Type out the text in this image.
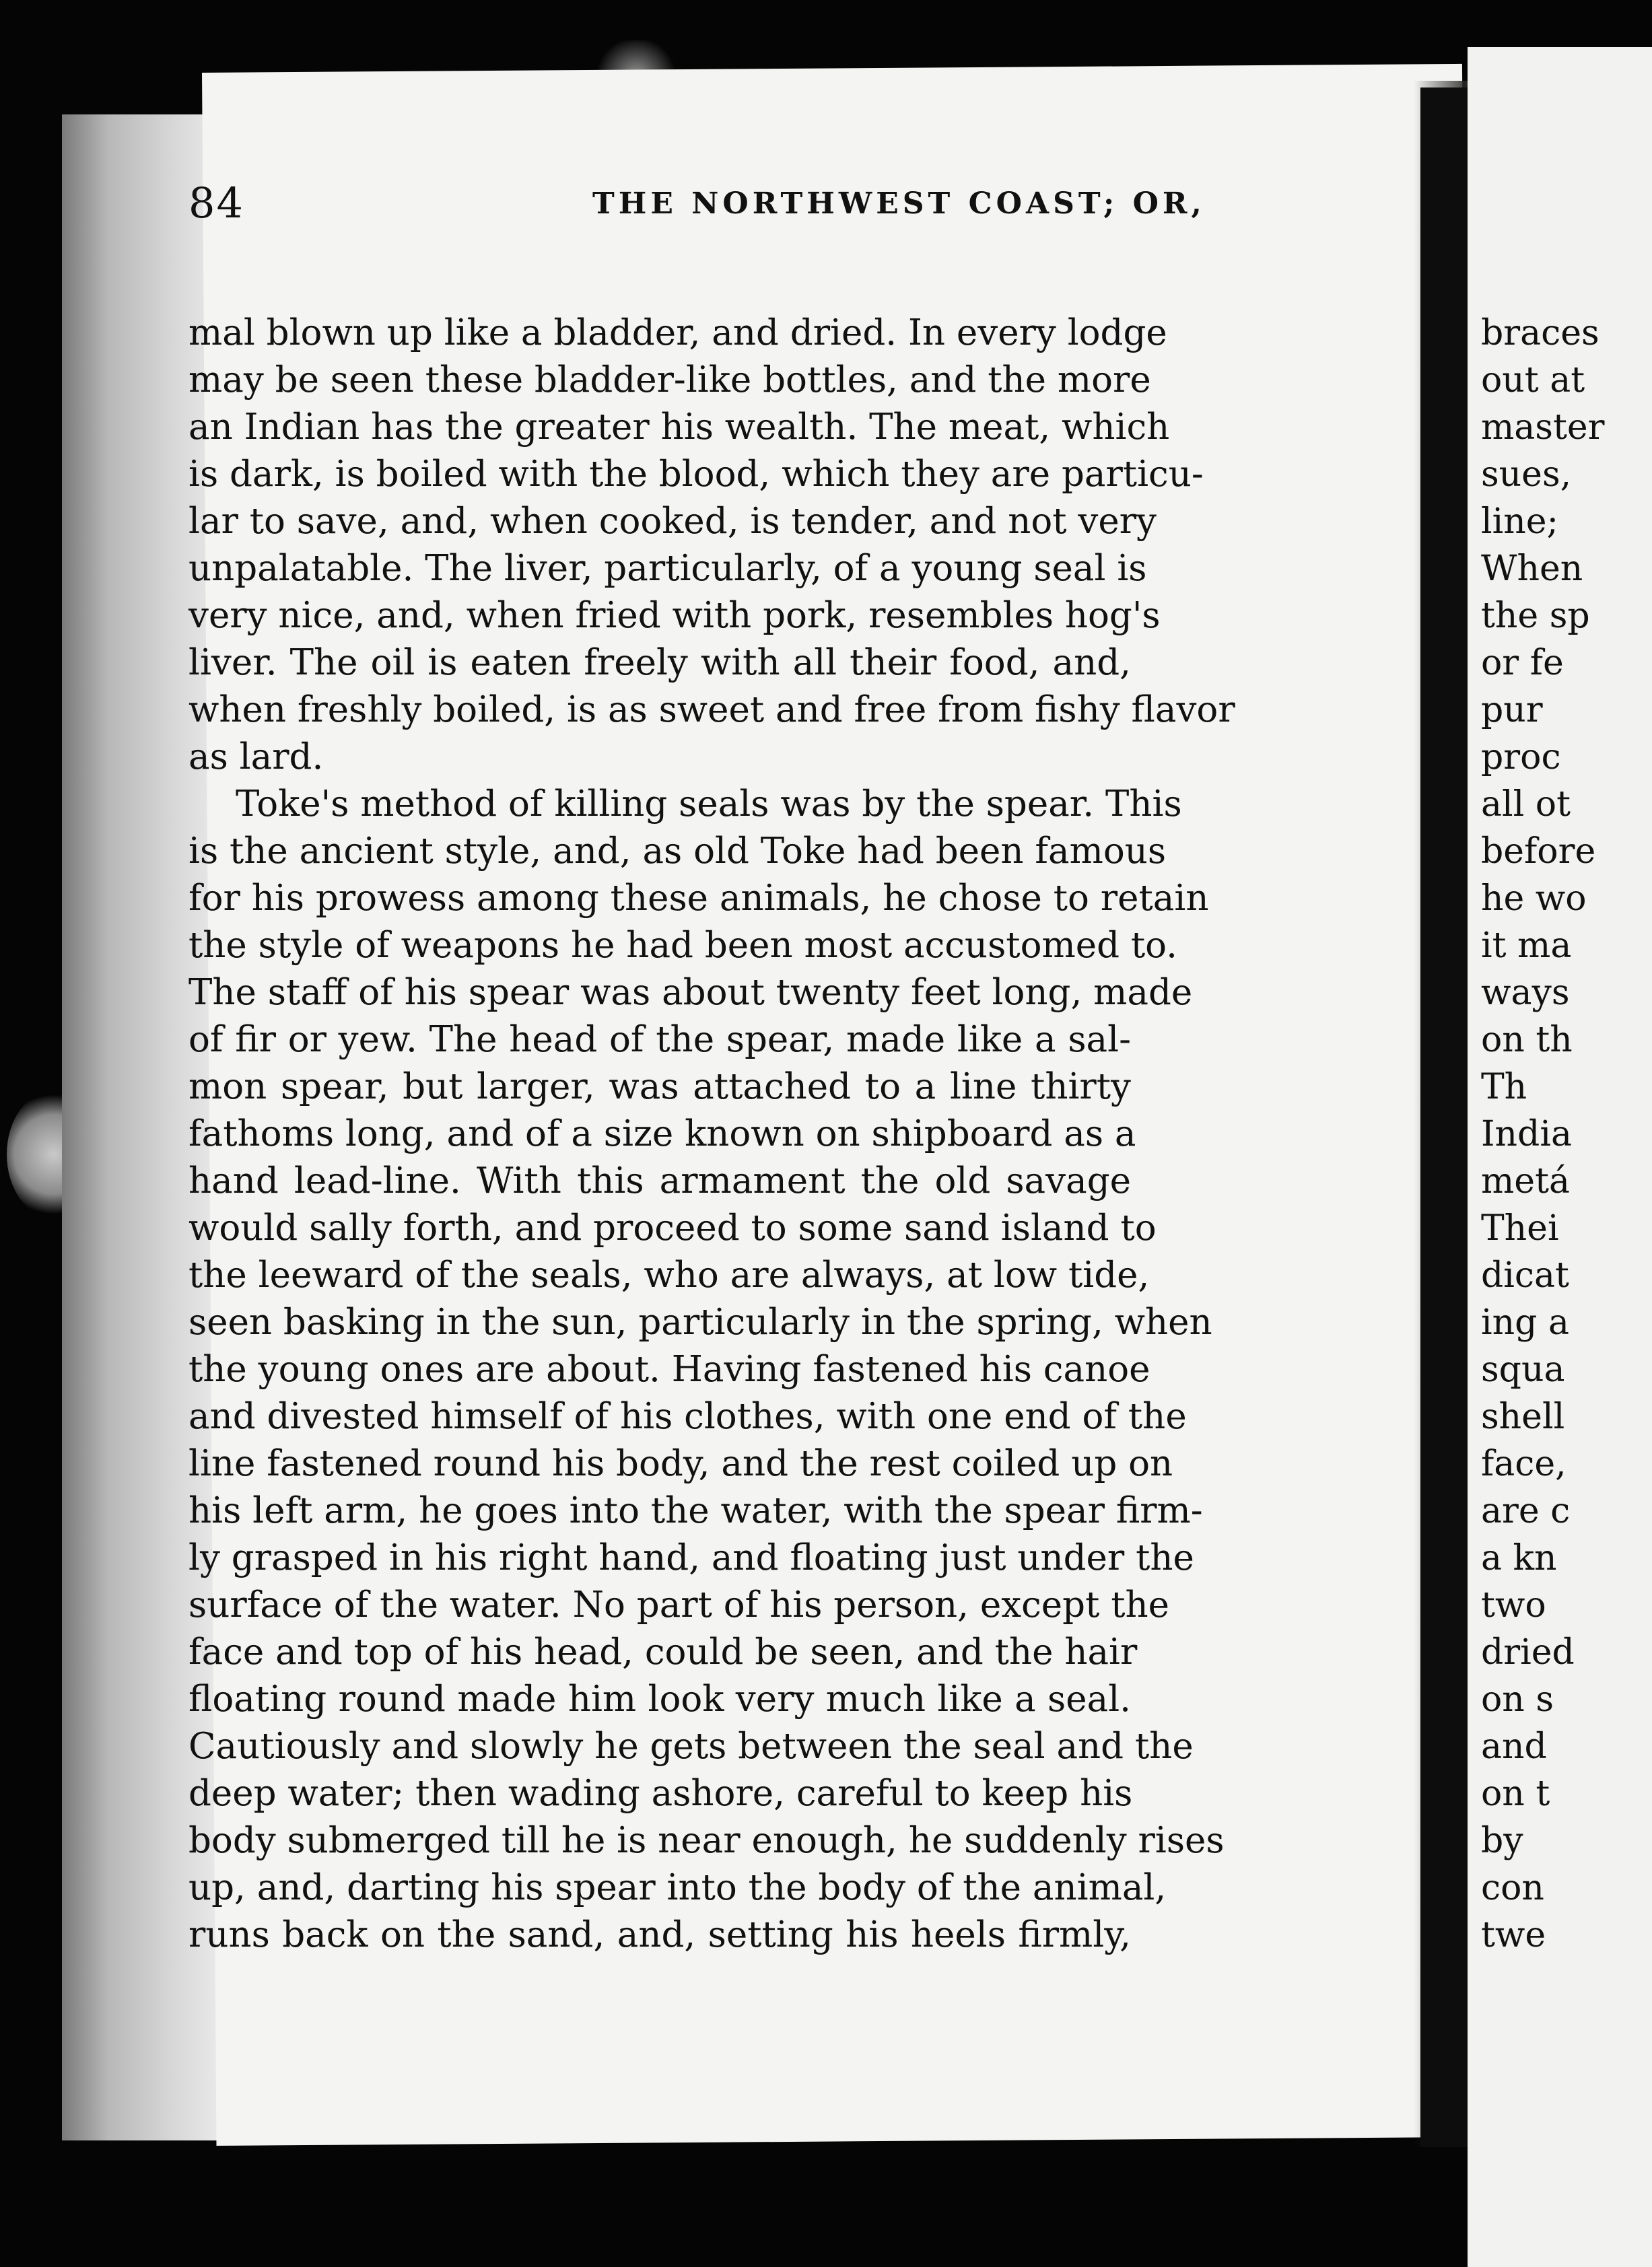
84	THE NORTHWEST COAST; OR,
mal blown up like a bladder, and dried. In every lodge
may be seen these bladder-like bottles, and the more
an Indian has the greater his wealth. The meat, which
is dark, is boiled with the blood, which they are particu-
lar to save, and, when cooked, is tender, and not very
unpalatable. The liver, particularly, of a young seal is
very nice, and, when fried with pork, resembles hog's
liver. The oil is eaten freely with all their food, and,
when freshly boiled, is as sweet and free from fishy flavor
as lard.
Toke's method of killing seals was by the spear. This
is the ancient style, and, as old Toke had been famous
for his prowess among these animals, he chose to retain
the style of weapons he had been most accustomed to.
The staff of his spear was about twenty feet long, made
of fir or yew. The head of the spear, made like a sal-
mon spear, but larger, was attached to a line thirty
fathoms long, and of a size known on shipboard as a
hand lead-line. With this armament the old savage
would sally forth, and proceed to some sand island to
the leeward of the seals, who are always, at low tide,
seen basking in the sun, particularly in the spring, when
the young ones are about. Having fastened his canoe
and divested himself of his clothes, with one end of the
line fastened round his body, and the rest coiled up on
his left arm, he goes into the water, with the spear firm-
ly grasped in his right hand, and floating just under the
surface of the water. No part of his person, except the
face and top of his head, could be seen, and the hair
floating round made him look very much like a seal.
Cautiously and slowly he gets between the seal and the
deep water; then wading ashore, careful to keep his
body submerged till he is near enough, he suddenly rises
up, and, darting his spear into the body of the animal,
runs back on the sand, and, setting his heels firmly,
braces
out at
master
sues,
line;
When
the sp
or fe
pur
proc
all ot
before
he wo
it ma
ways
on th
Th
India
metá
Thei
dicat
ing a
squa
shell
face,
are c
a kn
two
dried
on s
and
on t
by
con
twe
